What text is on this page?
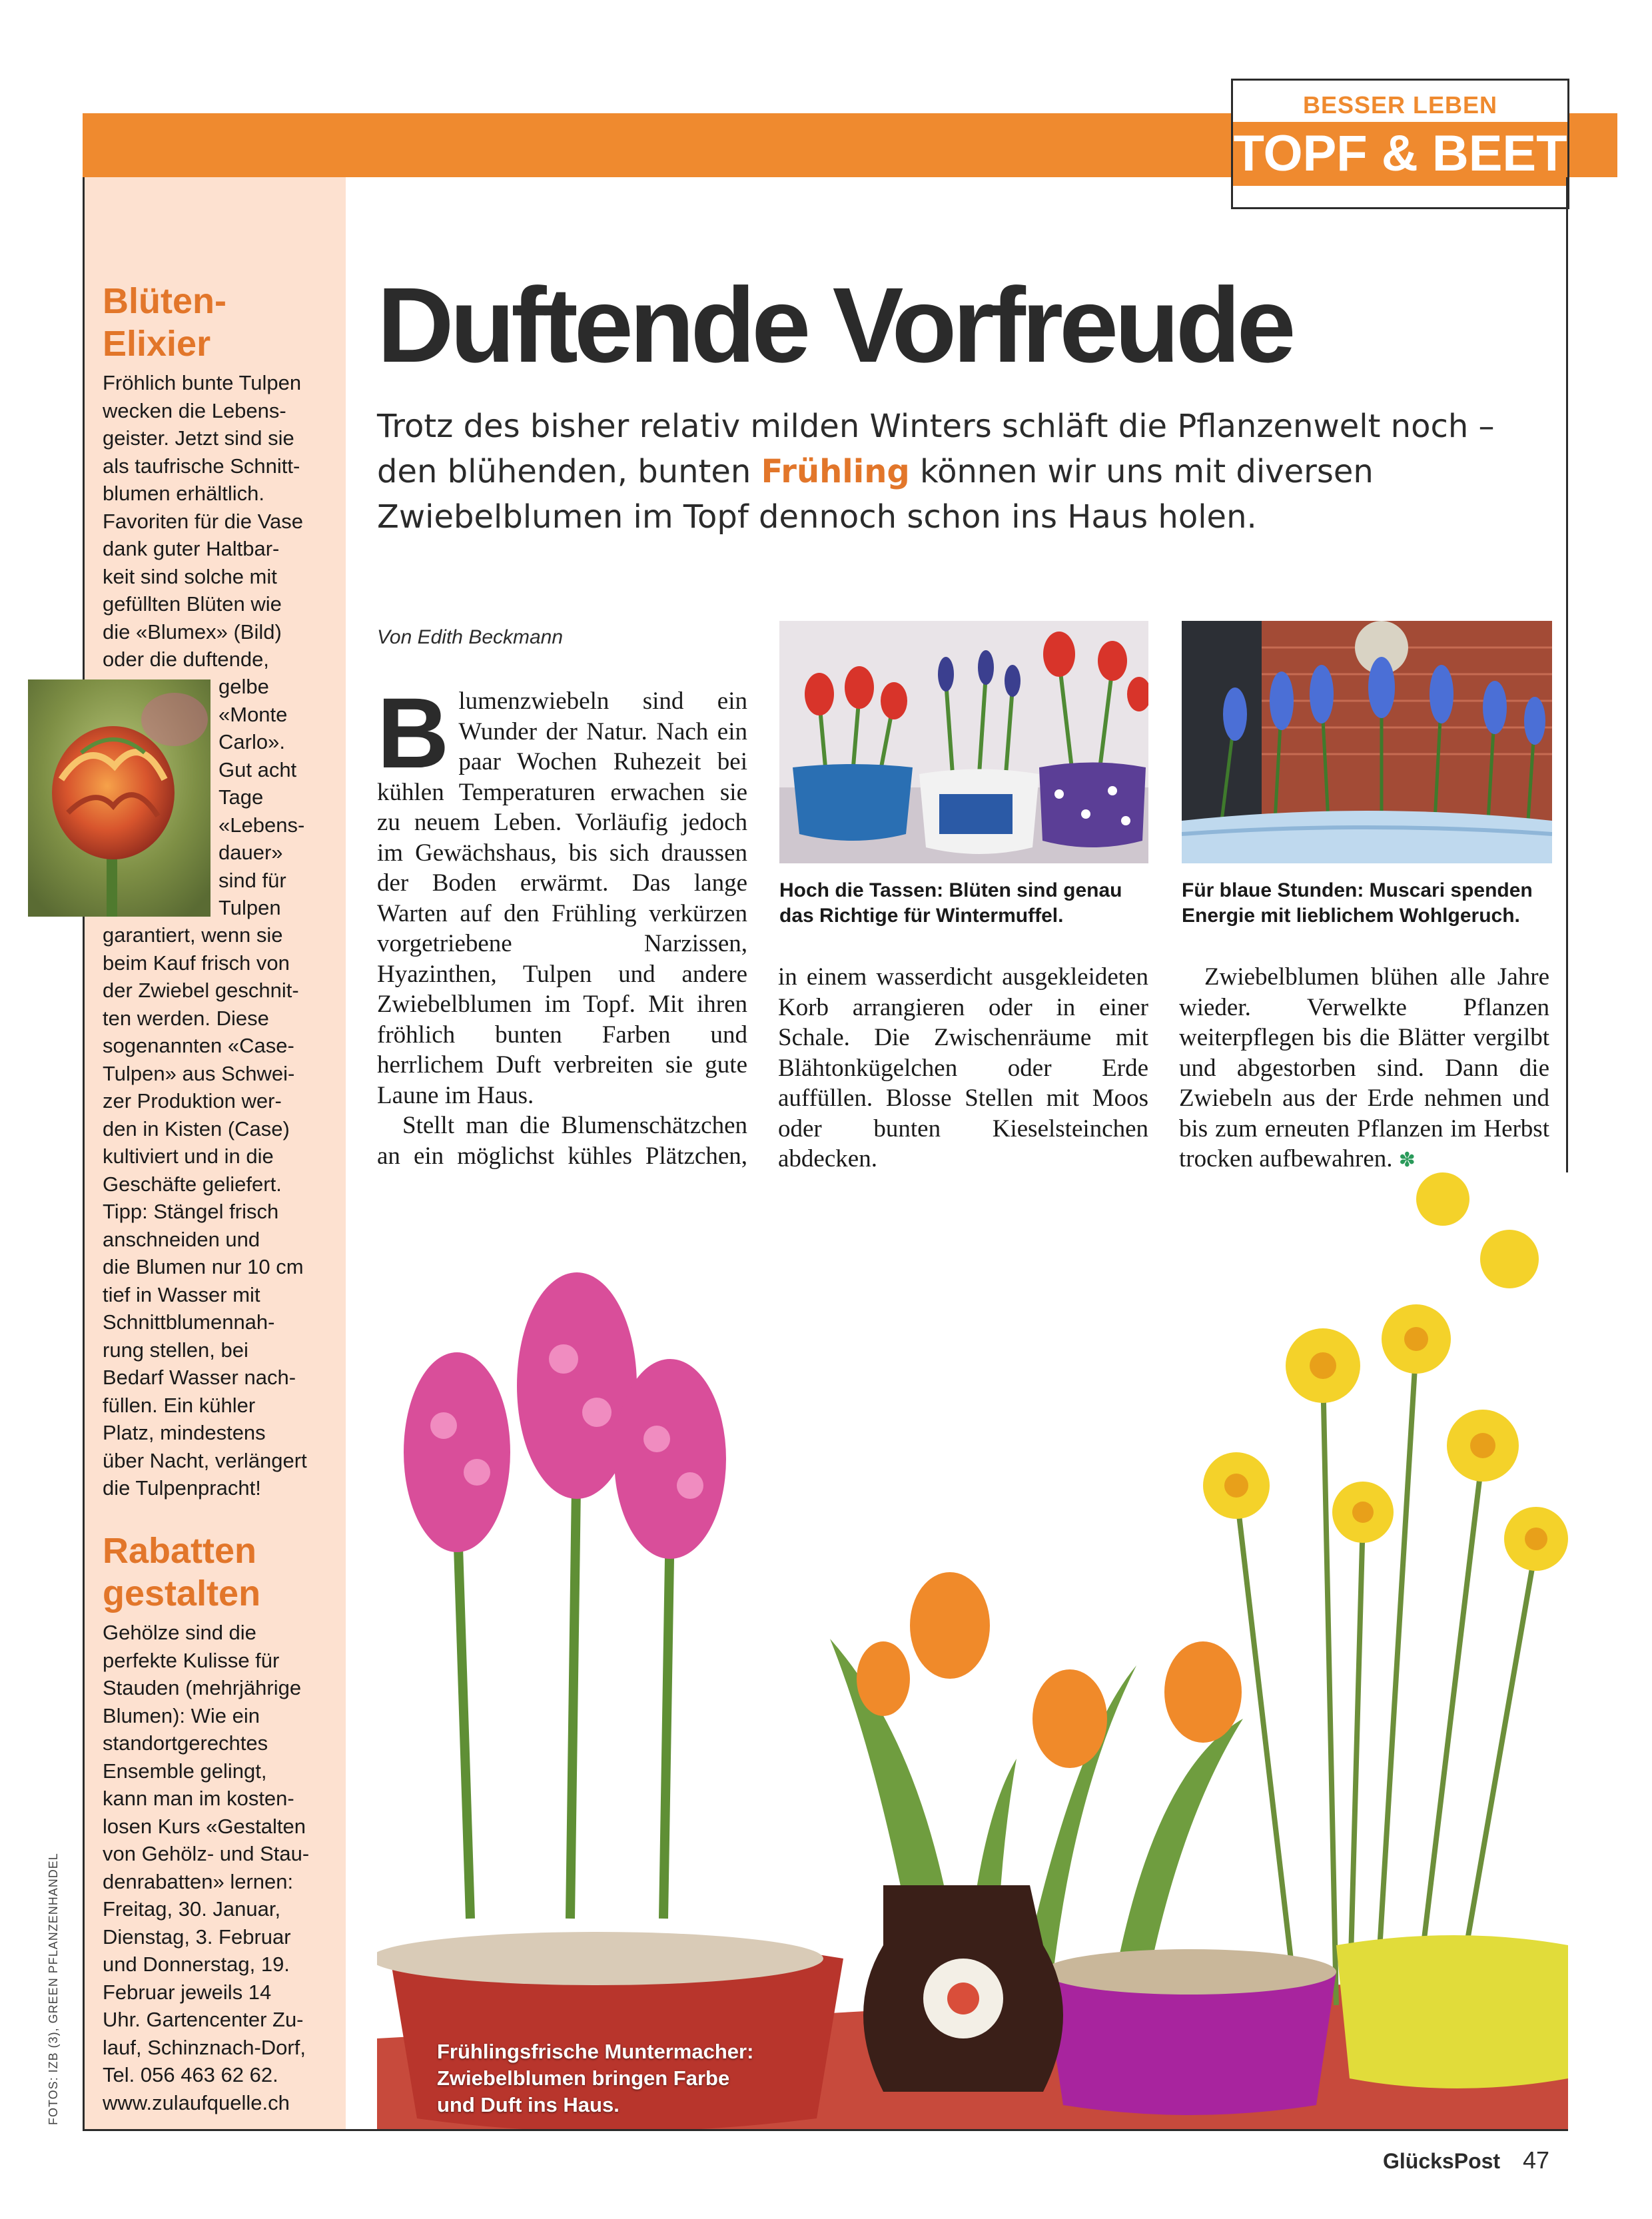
BESSER LEBEN
TOPF & BEET
Blüten-
Elixier
Fröhlich bunte Tulpen
wecken die Lebens-
geister. Jetzt sind sie
als taufrische Schnitt-
blumen erhältlich.
Favoriten für die Vase
dank guter Haltbar-
keit sind solche mit
gefüllten Blüten wie
die «Blumex» (Bild)
oder die duftende,
gelbe
«Monte
Carlo».
Gut acht
Tage
«Lebens-
dauer»
sind für
Tulpen
garantiert, wenn sie
beim Kauf frisch von
der Zwiebel geschnit-
ten werden. Diese
sogenannten «Case-
Tulpen» aus Schwei-
zer Produktion wer-
den in Kisten (Case)
kultiviert und in die
Geschäfte geliefert.
Tipp: Stängel frisch
anschneiden und
die Blumen nur 10 cm
tief in Wasser mit
Schnittblumennah-
rung stellen, bei
Bedarf Wasser nach-
füllen. Ein kühler
Platz, mindestens
über Nacht, verlängert
die Tulpenpracht!
Rabatten
gestalten
Gehölze sind die
perfekte Kulisse für
Stauden (mehrjährige
Blumen): Wie ein
standortgerechtes
Ensemble gelingt,
kann man im kosten-
losen Kurs «Gestalten
von Gehölz- und Stau-
denrabatten» lernen:
Freitag, 30. Januar,
Dienstag, 3. Februar
und Donnerstag, 19.
Februar jeweils 14
Uhr. Gartencenter Zu-
lauf, Schinznach-Dorf,
Tel. 056 463 62 62.
www.zulaufquelle.ch
FOTOS: IZB (3), GREEN PFLANZENHANDEL
Duftende Vorfreude
Trotz des bisher relativ milden Winters schläft die Pflanzenwelt noch – den blühenden, bunten Frühling können wir uns mit diversen Zwiebelblumen im Topf dennoch schon ins Haus holen.
Von Edith Beckmann

Blumenzwiebeln sind ein Wunder der Natur. Nach ein paar Wochen Ruhezeit bei kühlen Temperaturen erwachen sie zu neuem Leben. Vorläufig jedoch im Gewächshaus, bis sich draussen der Boden erwärmt. Das lange Warten auf den Frühling verkürzen vorgetriebene Narzissen, Hyazinthen, Tulpen und andere Zwiebelblumen im Topf. Mit ihren fröhlich bunten Farben und herrlichem Duft verbreiten sie gute Laune im Haus.

Stellt man die Blumenschätzchen an ein möglichst kühles Plätzchen,

in einem wasserdicht ausgekleideten Korb arrangieren oder in einer Schale. Die Zwischenräume mit Blähtonkügelchen oder Erde auffüllen. Blosse Stellen mit Moos oder bunten Kieselsteinchen abdecken.

Zwiebelblumen blühen alle Jahre wieder. Verwelkte Pflanzen weiterpflegen bis die Blätter vergilbt und abgestorben sind. Dann die Zwiebeln aus der Erde nehmen und bis zum erneuten Pflanzen im Herbst trocken aufbewahren. ✽

Hoch die Tassen: Blüten sind genau das Richtige für Wintermuffel.
Für blaue Stunden: Muscari spenden Energie mit lieblichem Wohlgeruch.
Frühlingsfrische Muntermacher: Zwiebelblumen bringen Farbe und Duft ins Haus.
GlücksPost 47
